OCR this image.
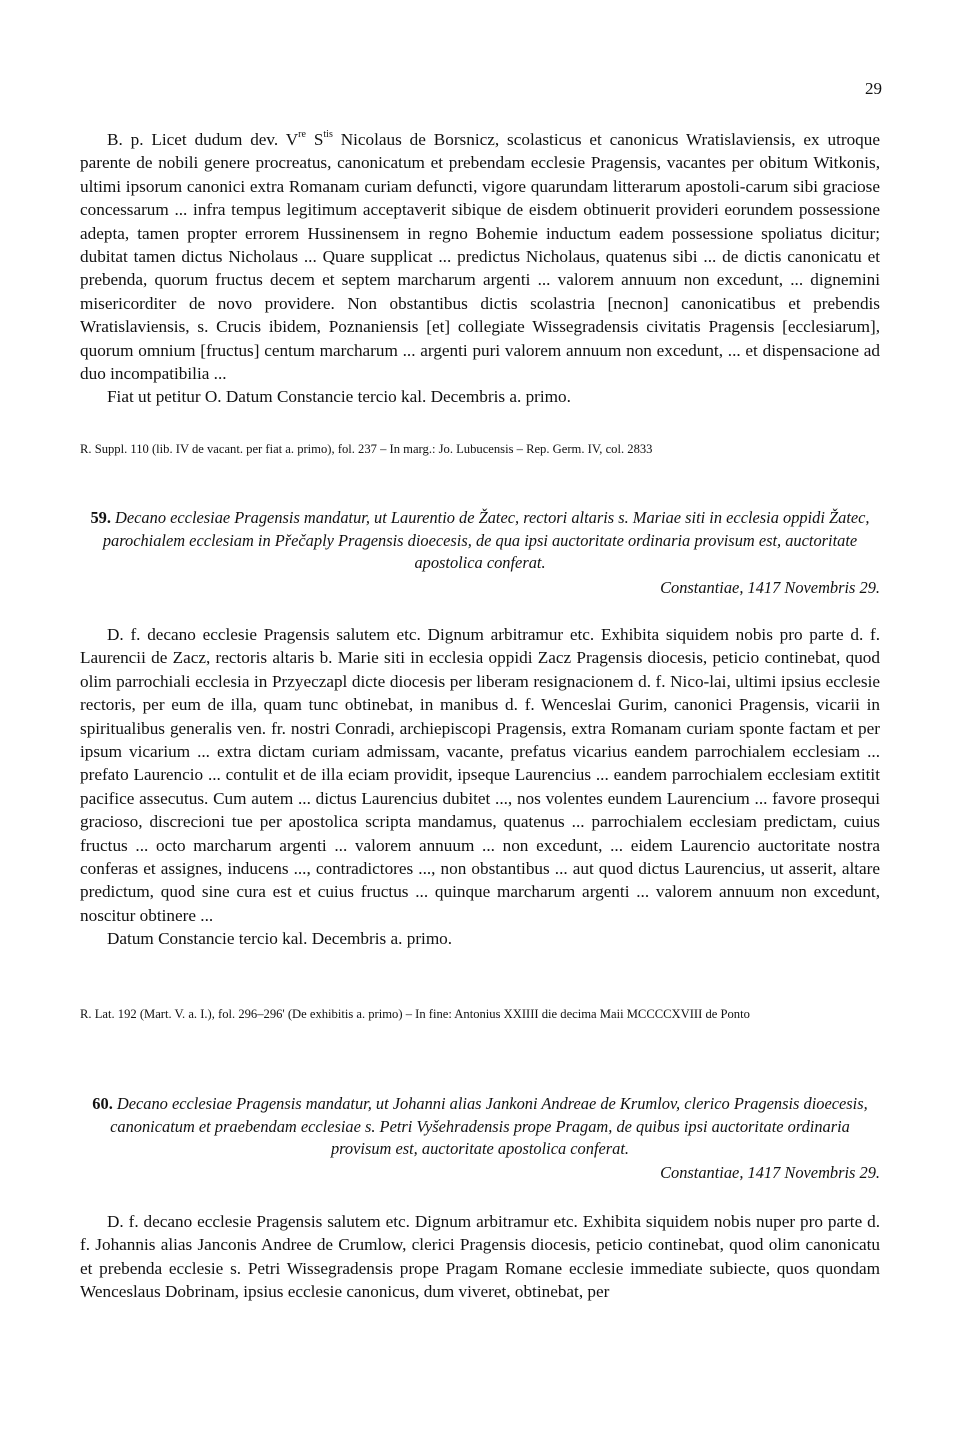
29

B. p. Licet dudum dev. Vre $S^{tis}$ Nicolaus de Borsnicz, scolasticus et canonicus Wratislaviensis, ex utroque parente de nobili genere procreatus, canonicatum et prebendam ecclesie Pragensis, vacantes per obitum Witkonis, ultimi ipsorum canonici extra Romanam curiam defuncti, vigore quarundam litterarum apostoli-carum sibi graciose concessarum ... infra tempus legitimum acceptaverit sibique de eisdem obtinuerit provideri eorundem possessione adepta, tamen propter errorem Hussinensem in regno Bohemie inductum eadem possessione spoliatus dicitur; dubitat tamen dictus Nicholaus ... Quare supplicat ... predictus Nicholaus, quatenus sibi ... de dictis canonicatu et prebenda, quorum fructus decem et septem marcharum argenti ... valorem annuum non excedunt, ... dignemini misericorditer de novo providere. Non obstantibus dictis scolastria [necnon] canonicatibus et prebendis Wratislaviensis, s. Crucis ibidem, Poznaniensis [et] collegiate Wissegradensis civitatis Pragensis [ecclesiarum], quorum omnium [fructus] centum marcharum ... argenti puri valorem annuum non excedunt, ... et dispensacione ad duo incompatibilia ...

Fiat ut petitur O. Datum Constancie tercio kal. Decembris a. primo.

R. Suppl. 110 (lib. IV de vacant. per fiat a. primo), fol. 237 – In marg.: Jo. Lubucensis – Rep. Germ. IV, col. 2833
59. Decano ecclesiae Pragensis mandatur, ut Laurentio de Žatec, rectori altaris s. Mariae siti in ecclesia oppidi Žatec, parochialem ecclesiam in Přečaply Pragensis dioecesis, de qua ipsi auctoritate ordinaria provisum est, auctoritate apostolica conferat.
Constantiae, 1417 Novembris 29.

D. f. decano ecclesie Pragensis salutem etc. Dignum arbitramur etc. Exhibita siquidem nobis pro parte d. f. Laurencii de Zacz, rectoris altaris b. Marie siti in ecclesia oppidi Zacz Pragensis diocesis, peticio continebat, quod olim parrochiali ecclesia in Przyeczapl dicte diocesis per liberam resignacionem d. f. Nico-lai, ultimi ipsius ecclesie rectoris, per eum de illa, quam tunc obtinebat, in manibus d. f. Wenceslai Gurim, canonici Pragensis, vicarii in spiritualibus generalis ven. fr. nostri Conradi, archiepiscopi Pragensis, extra Romanam curiam sponte factam et per ipsum vicarium ... extra dictam curiam admissam, vacante, prefatus vicarius eandem parrochialem ecclesiam ... prefato Laurencio ... contulit et de illa eciam providit, ipseque Laurencius ... eandem parrochialem ecclesiam extitit pacifice assecutus. Cum autem ... dictus Laurencius dubitet ..., nos volentes eundem Laurencium ... favore prosequi gracioso, discrecioni tue per apostolica scripta mandamus, quatenus ... parrochialem ecclesiam predictam, cuius fructus ... octo marcharum argenti ... valorem annuum ... non excedunt, ... eidem Laurencio auctoritate nostra conferas et assignes, inducens ..., contradictores ..., non obstantibus ... aut quod dictus Laurencius, ut asserit, altare predictum, quod sine cura est et cuius fructus ... quinque marcharum argenti ... valorem annuum non excedunt, noscitur obtinere ...

Datum Constancie tercio kal. Decembris a. primo.

R. Lat. 192 (Mart. V. a. I.), fol. 296–296' (De exhibitis a. primo) – In fine: Antonius XXIIII die decima Maii MCCCCXVIII de Ponto
60. Decano ecclesiae Pragensis mandatur, ut Johanni alias Jankoni Andreae de Krumlov, clerico Pragensis dioecesis, canonicatum et praebendam ecclesiae s. Petri Vyšehradensis prope Pragam, de quibus ipsi auctoritate ordinaria provisum est, auctoritate apostolica conferat.
Constantiae, 1417 Novembris 29.

D. f. decano ecclesie Pragensis salutem etc. Dignum arbitramur etc. Exhibita siquidem nobis nuper pro parte d. f. Johannis alias Janconis Andree de Crumlow, clerici Pragensis diocesis, peticio continebat, quod olim canonicatu et prebenda ecclesie s. Petri Wissegradensis prope Pragam Romane ecclesie immediate subiecte, quos quondam Wenceslaus Dobrinam, ipsius ecclesie canonicus, dum viveret, obtinebat, per
